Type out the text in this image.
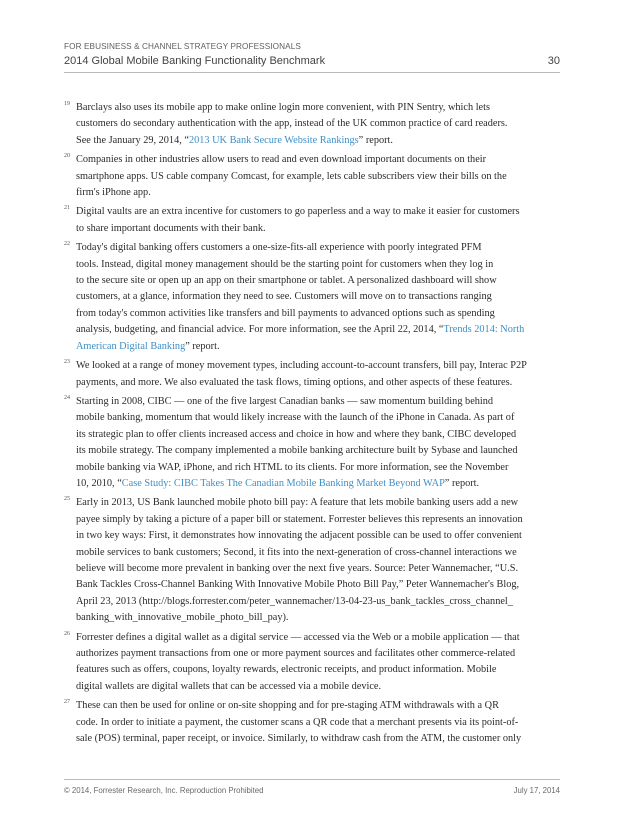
FOR EBUSINESS & CHANNEL STRATEGY PROFESSIONALS
2014 Global Mobile Banking Functionality Benchmark	30
19 Barclays also uses its mobile app to make online login more convenient, with PIN Sentry, which lets
customers do secondary authentication with the app, instead of the UK common practice of card readers.
See the January 29, 2014, “2013 UK Bank Secure Website Rankings” report.
20 Companies in other industries allow users to read and even download important documents on their
smartphone apps. US cable company Comcast, for example, lets cable subscribers view their bills on the
firm's iPhone app.
21 Digital vaults are an extra incentive for customers to go paperless and a way to make it easier for customers
to share important documents with their bank.
22 Today's digital banking offers customers a one-size-fits-all experience with poorly integrated PFM
tools. Instead, digital money management should be the starting point for customers when they log in
to the secure site or open up an app on their smartphone or tablet. A personalized dashboard will show
customers, at a glance, information they need to see. Customers will move on to transactions ranging
from today's common activities like transfers and bill payments to advanced options such as spending
analysis, budgeting, and financial advice. For more information, see the April 22, 2014, “Trends 2014: North
American Digital Banking” report.
23 We looked at a range of money movement types, including account-to-account transfers, bill pay, Interac P2P
payments, and more. We also evaluated the task flows, timing options, and other aspects of these features.
24 Starting in 2008, CIBC — one of the five largest Canadian banks — saw momentum building behind
mobile banking, momentum that would likely increase with the launch of the iPhone in Canada. As part of
its strategic plan to offer clients increased access and choice in how and where they bank, CIBC developed
its mobile strategy. The company implemented a mobile banking architecture built by Sybase and launched
mobile banking via WAP, iPhone, and rich HTML to its clients. For more information, see the November
10, 2010, “Case Study: CIBC Takes The Canadian Mobile Banking Market Beyond WAP” report.
25 Early in 2013, US Bank launched mobile photo bill pay: A feature that lets mobile banking users add a new
payee simply by taking a picture of a paper bill or statement. Forrester believes this represents an innovation
in two key ways: First, it demonstrates how innovating the adjacent possible can be used to offer convenient
mobile services to bank customers; Second, it fits into the next-generation of cross-channel interactions we
believe will become more prevalent in banking over the next five years. Source: Peter Wannemacher, “U.S.
Bank Tackles Cross-Channel Banking With Innovative Mobile Photo Bill Pay,” Peter Wannemacher's Blog,
April 23, 2013 (http://blogs.forrester.com/peter_wannemacher/13-04-23-us_bank_tackles_cross_channel_
banking_with_innovative_mobile_photo_bill_pay).
26 Forrester defines a digital wallet as a digital service — accessed via the Web or a mobile application — that
authorizes payment transactions from one or more payment sources and facilitates other commerce-related
features such as offers, coupons, loyalty rewards, electronic receipts, and product information. Mobile
digital wallets are digital wallets that can be accessed via a mobile device.
27 These can then be used for online or on-site shopping and for pre-staging ATM withdrawals with a QR
code. In order to initiate a payment, the customer scans a QR code that a merchant presents via its point-of-
sale (POS) terminal, paper receipt, or invoice. Similarly, to withdraw cash from the ATM, the customer only
© 2014, Forrester Research, Inc. Reproduction Prohibited	July 17, 2014
